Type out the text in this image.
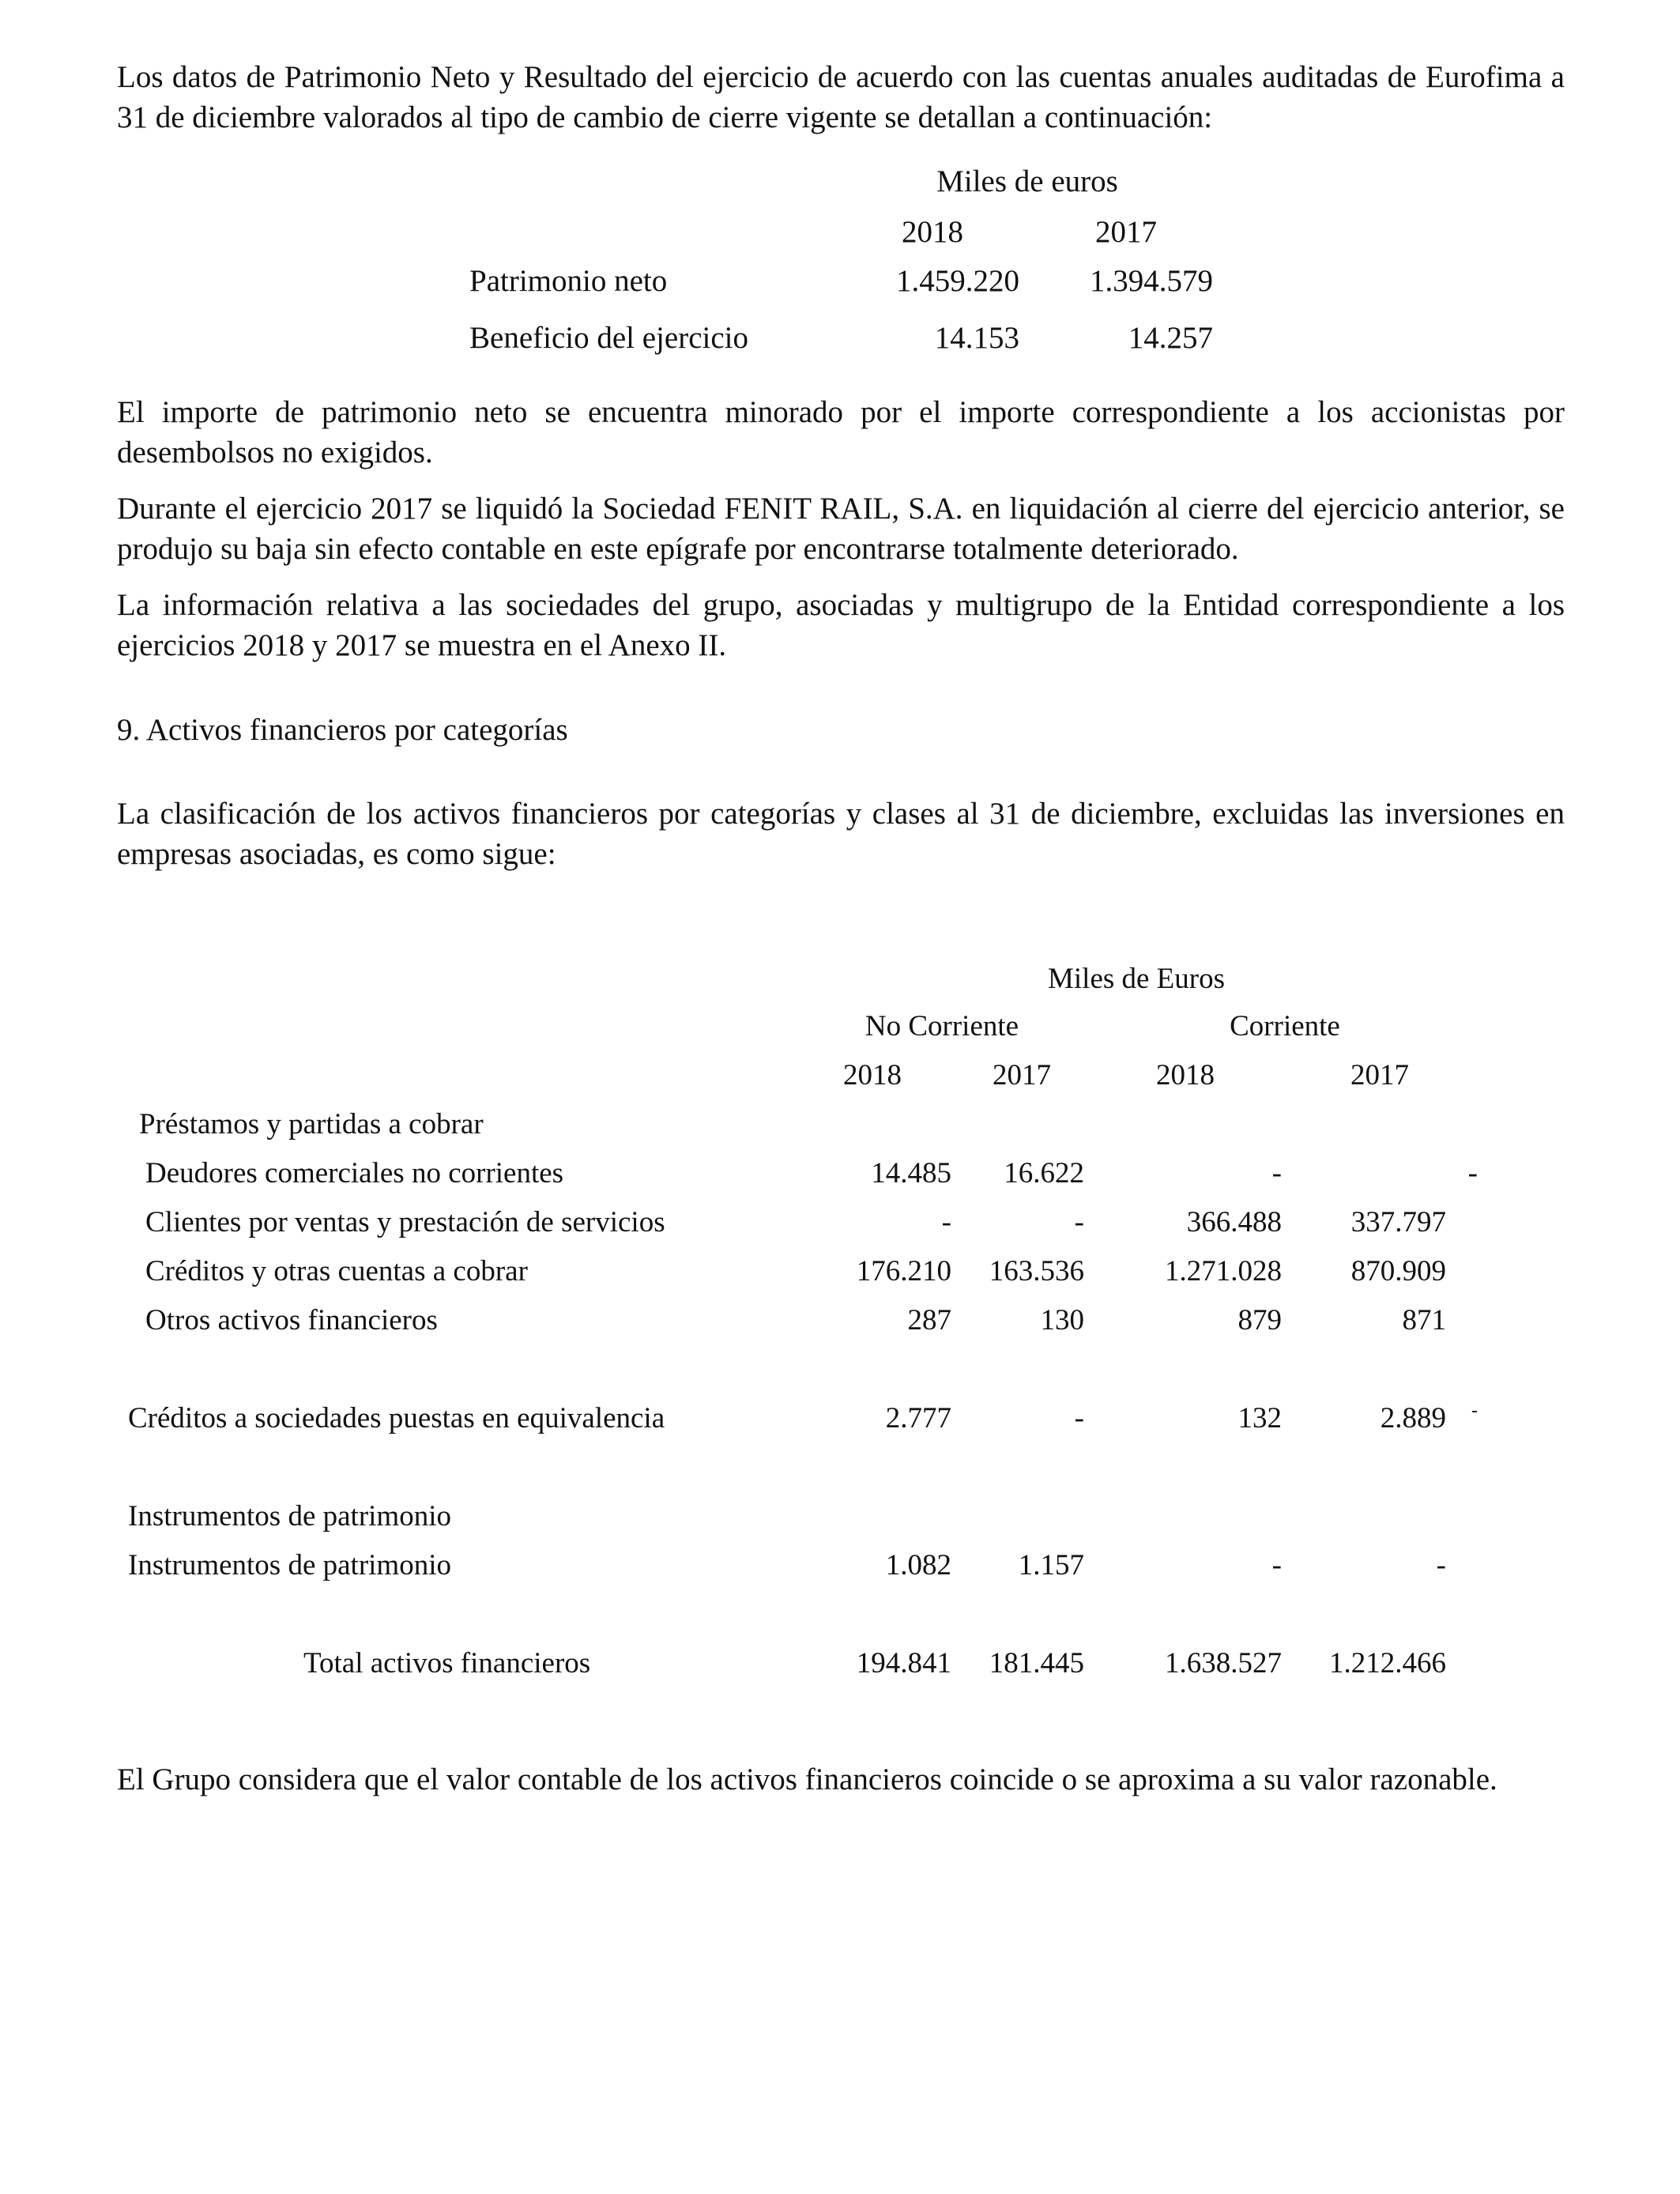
Los datos de Patrimonio Neto y Resultado del ejercicio de acuerdo con las cuentas anuales auditadas de Eurofima a 31 de diciembre valorados al tipo de cambio de cierre vigente se detallan a continuación:

Miles de euros
2018	2017
Patrimonio neto	1.459.220	1.394.579
Beneficio del ejercicio	14.153	14.257

El importe de patrimonio neto se encuentra minorado por el importe correspondiente a los accionistas por desembolsos no exigidos.

Durante el ejercicio 2017 se liquidó la Sociedad FENIT RAIL, S.A. en liquidación al cierre del ejercicio anterior, se produjo su baja sin efecto contable en este epígrafe por encontrarse totalmente deteriorado.

La información relativa a las sociedades del grupo, asociadas y multigrupo de la Entidad correspondiente a los ejercicios 2018 y 2017 se muestra en el Anexo II.

9. Activos financieros por categorías

La clasificación de los activos financieros por categorías y clases al 31 de diciembre, excluidas las inversiones en empresas asociadas, es como sigue:

Miles de Euros
No Corriente	Corriente
2018	2017	2018	2017
Préstamos y partidas a cobrar
Deudores comerciales no corrientes	14.485	16.622	-	-
Clientes por ventas y prestación de servicios	-	-	366.488	337.797
Créditos y otras cuentas a cobrar	176.210	163.536	1.271.028	870.909
Otros activos financieros	287	130	879	871
Créditos a sociedades puestas en equivalencia	2.777	-	132	2.889 -
Instrumentos de patrimonio
Instrumentos de patrimonio	1.082	1.157	-	-
Total activos financieros	194.841	181.445	1.638.527	1.212.466

El Grupo considera que el valor contable de los activos financieros coincide o se aproxima a su valor razonable.
